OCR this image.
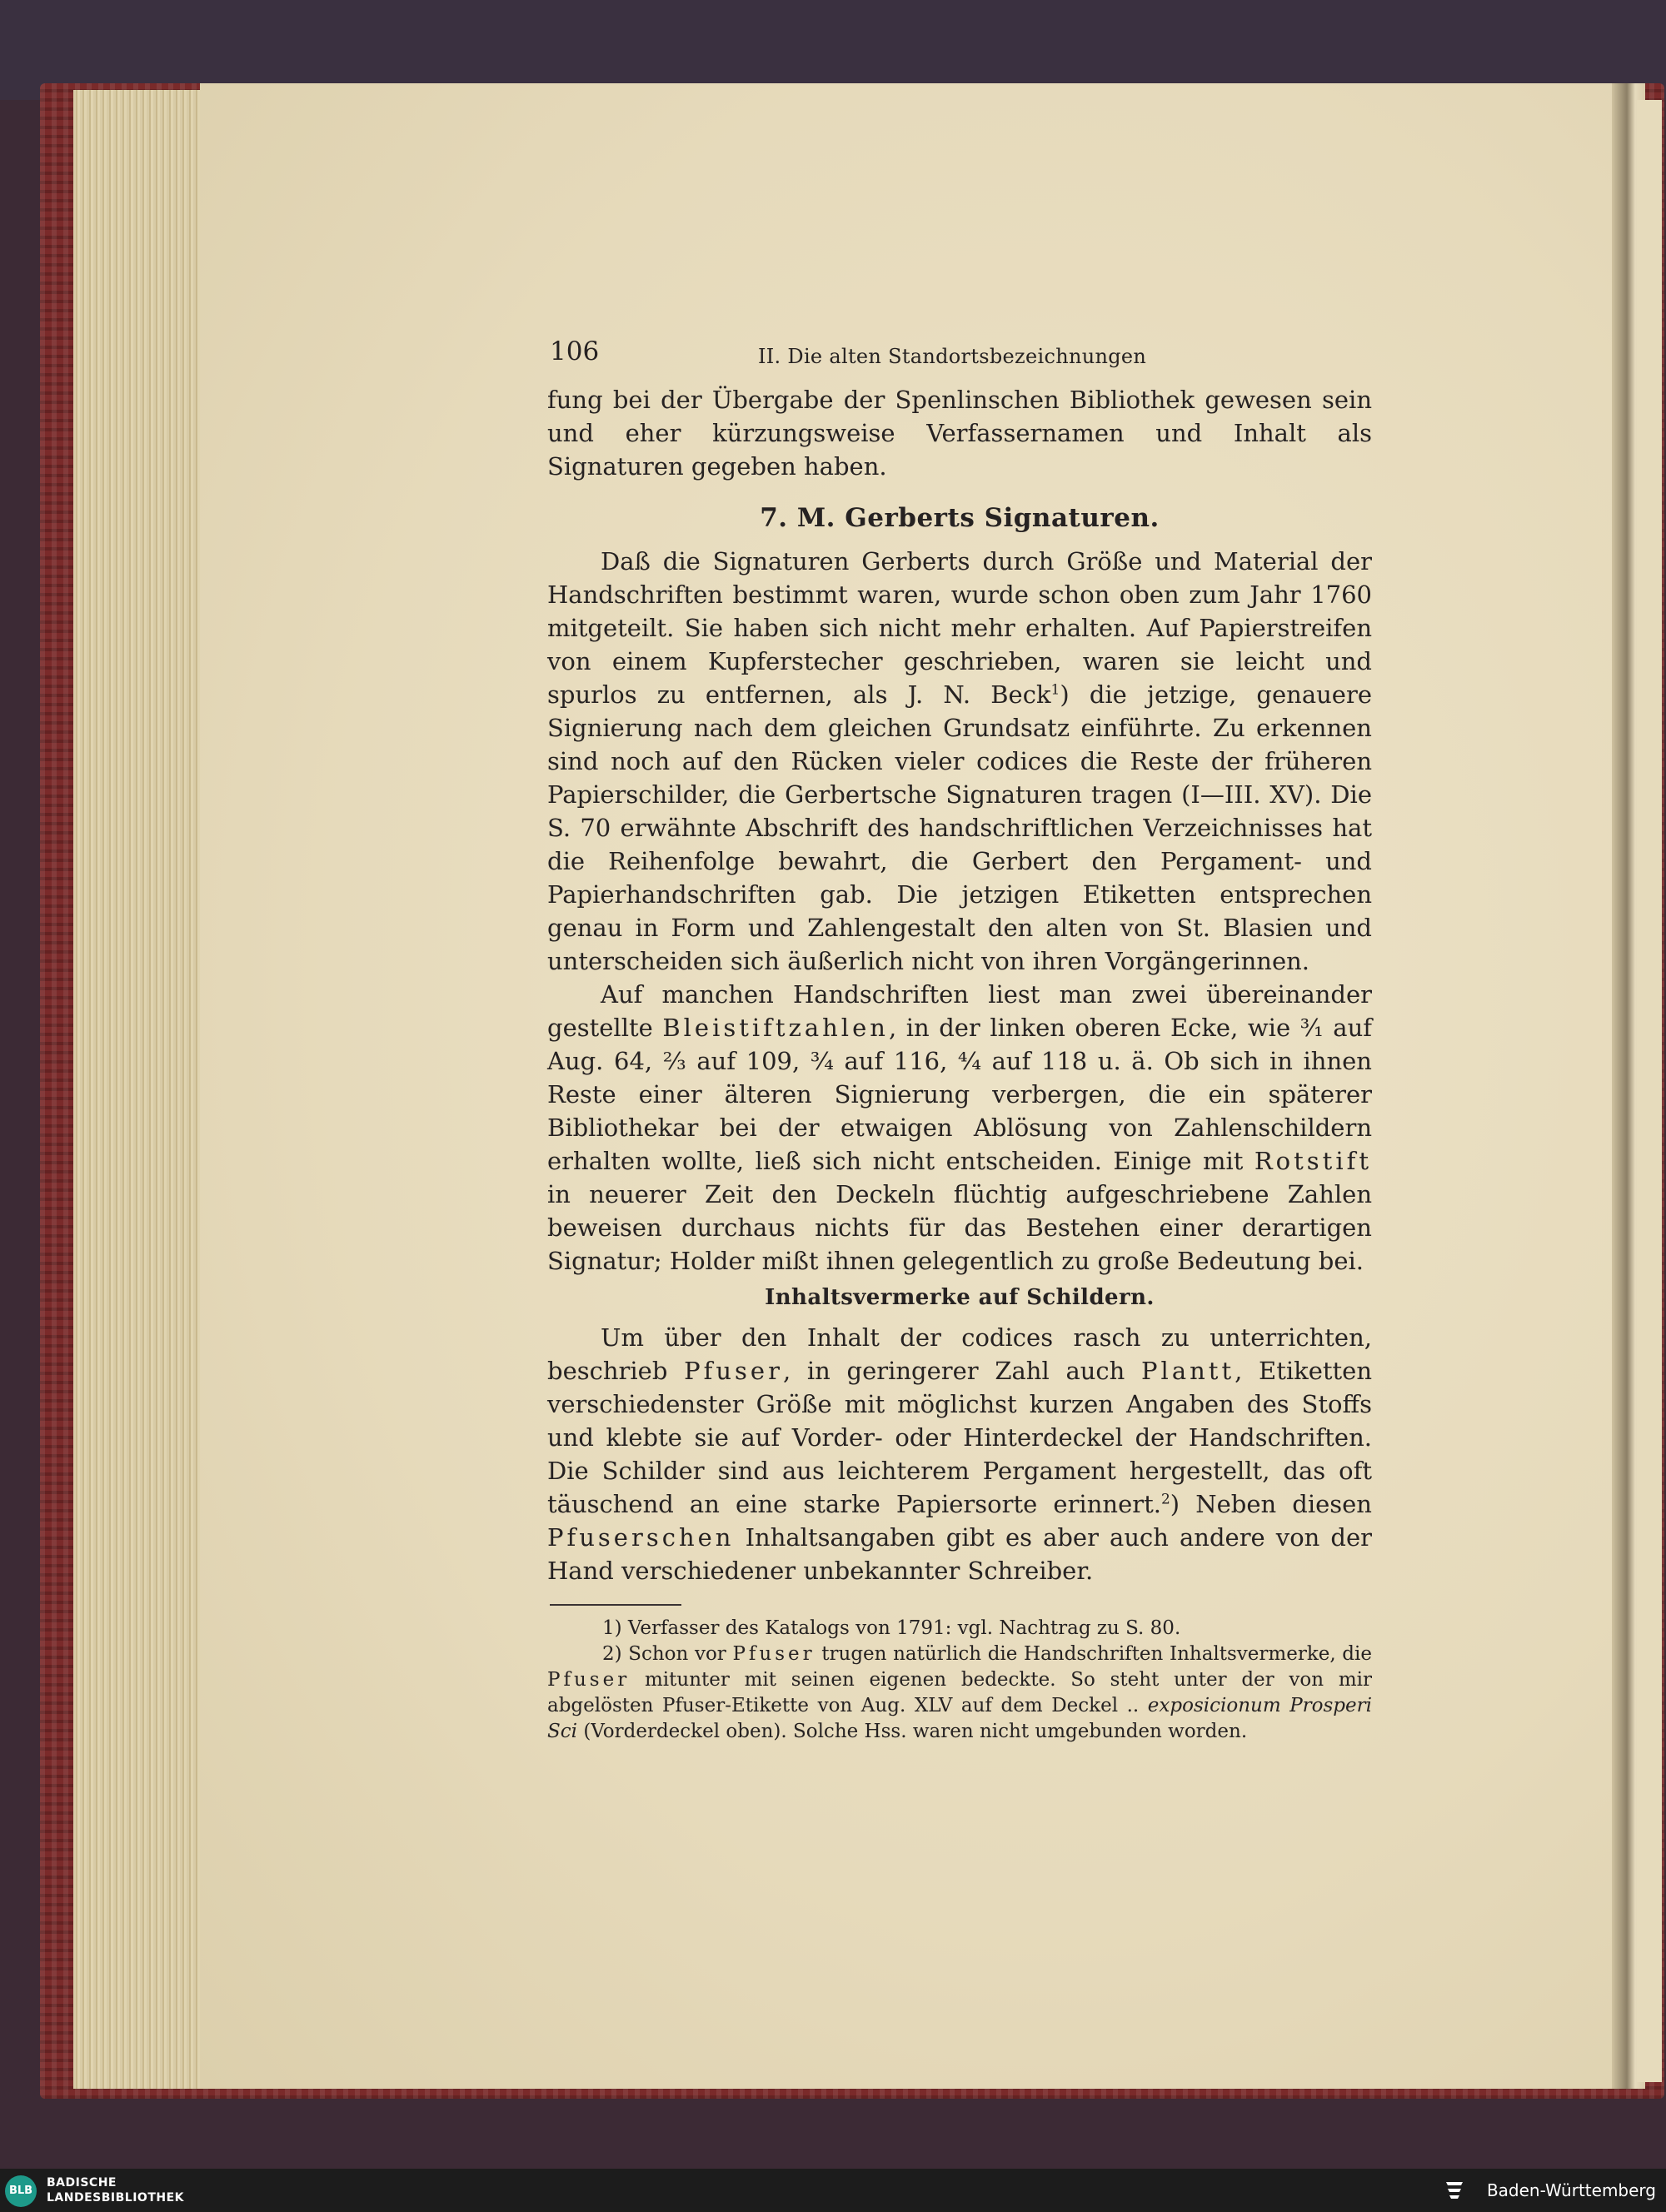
106	II. Die alten Standortsbezeichnungen

fung bei der Übergabe der Spenlinschen Bibliothek gewesen sein und eher kürzungsweise Verfassernamen und Inhalt als Signaturen gegeben haben.

7. M. Gerberts Signaturen.

Daß die Signaturen Gerberts durch Größe und Material der Handschriften bestimmt waren, wurde schon oben zum Jahr 1760 mitgeteilt. Sie haben sich nicht mehr erhalten. Auf Papierstreifen von einem Kupferstecher geschrieben, waren sie leicht und spurlos zu entfernen, als J. N. Beck$^1$) die jetzige, genauere Signierung nach dem gleichen Grundsatz einführte. Zu erkennen sind noch auf den Rücken vieler codices die Reste der früheren Papierschilder, die Gerbertsche Signaturen tragen (I—III. XV). Die S. 70 erwähnte Abschrift des handschriftlichen Verzeichnisses hat die Reihenfolge bewahrt, die Gerbert den Pergament- und Papierhandschriften gab. Die jetzigen Etiketten entsprechen genau in Form und Zahlengestalt den alten von St. Blasien und unterscheiden sich äußerlich nicht von ihren Vorgängerinnen.

Auf manchen Handschriften liest man zwei übereinander gestellte Bleistiftzahlen, in der linken oberen Ecke, wie ³⁄₁ auf Aug. 64, ²⁄₃ auf 109, ³⁄₄ auf 116, ⁴⁄₄ auf 118 u. ä. Ob sich in ihnen Reste einer älteren Signierung verbergen, die ein späterer Bibliothekar bei der etwaigen Ablösung von Zahlenschildern erhalten wollte, ließ sich nicht entscheiden. Einige mit Rotstift in neuerer Zeit den Deckeln flüchtig aufgeschriebene Zahlen beweisen durchaus nichts für das Bestehen einer derartigen Signatur; Holder mißt ihnen gelegentlich zu große Bedeutung bei.

Inhaltsvermerke auf Schildern.

Um über den Inhalt der codices rasch zu unterrichten, beschrieb Pfuser, in geringerer Zahl auch Plantt, Etiketten verschiedenster Größe mit möglichst kurzen Angaben des Stoffs und klebte sie auf Vorder- oder Hinterdeckel der Handschriften. Die Schilder sind aus leichterem Pergament hergestellt, das oft täuschend an eine starke Papiersorte erinnert.$^2$) Neben diesen Pfuserschen Inhaltsangaben gibt es aber auch andere von der Hand verschiedener unbekannter Schreiber.

1) Verfasser des Katalogs von 1791: vgl. Nachtrag zu S. 80.

2) Schon vor Pfuser trugen natürlich die Handschriften Inhaltsvermerke, die Pfuser mitunter mit seinen eigenen bedeckte. So steht unter der von mir abgelösten Pfuser-Etikette von Aug. XLV auf dem Deckel .. exposicionum Prosperi Sci (Vorderdeckel oben). Solche Hss. waren nicht umgebunden worden.

BLB
BADISCHE
LANDESBIBLIOTHEK	Baden-Württemberg
